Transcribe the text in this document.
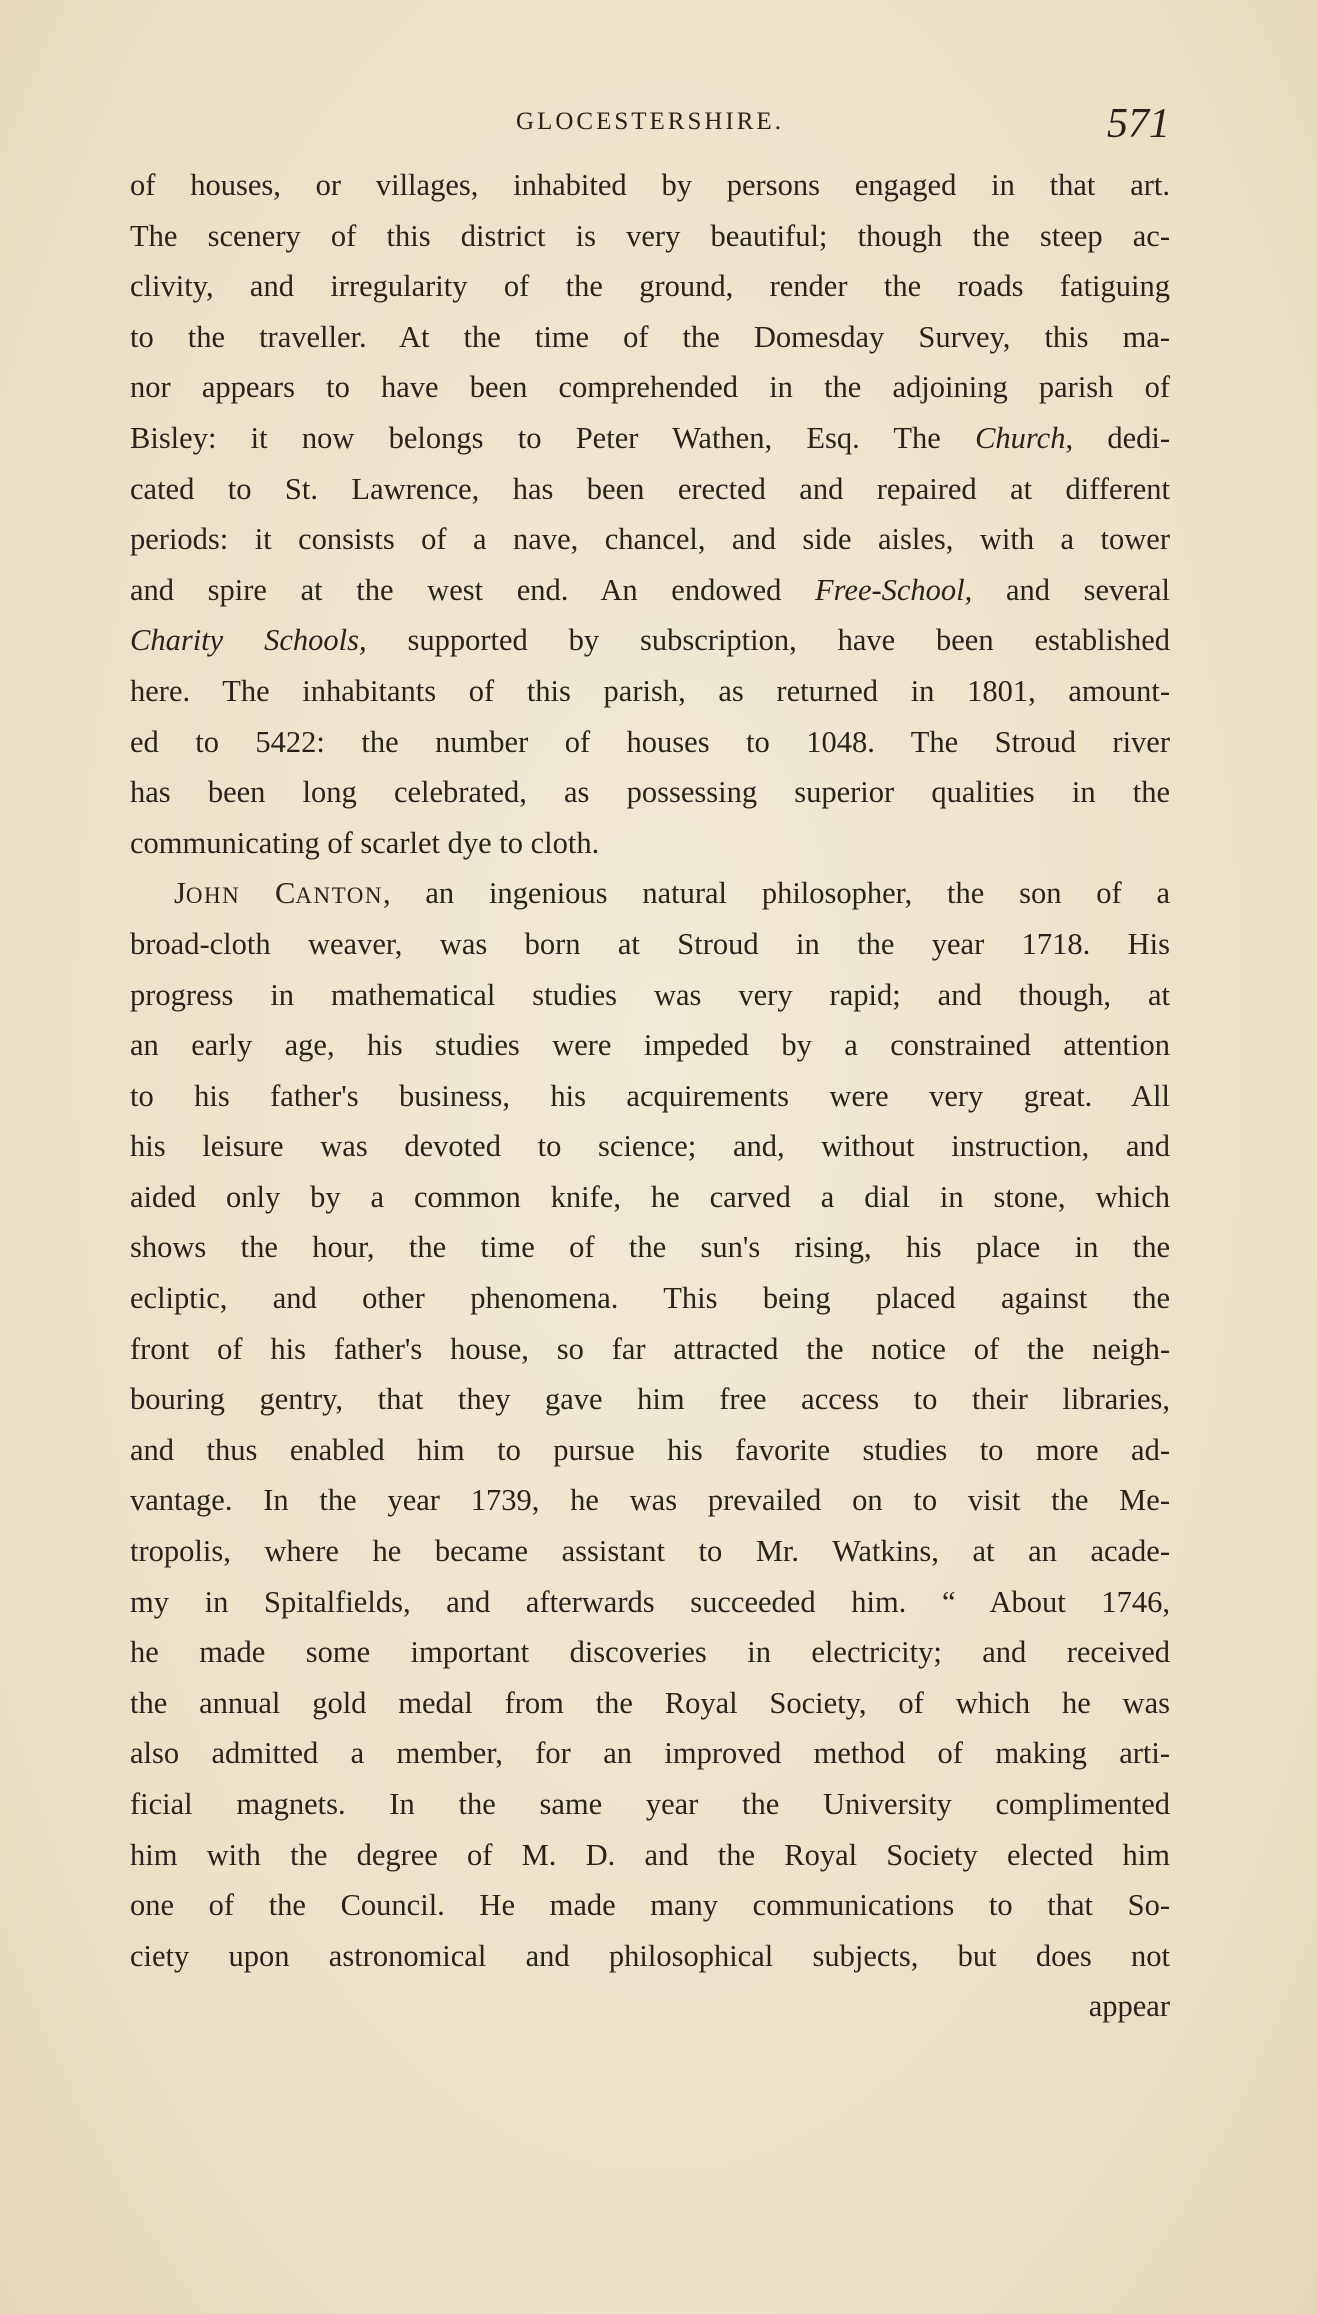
GLOCESTERSHIRE.	571
of houses, or villages, inhabited by persons engaged in that art.
The scenery of this district is very beautiful; though the steep ac-
clivity, and irregularity of the ground, render the roads fatiguing
to the traveller. At the time of the Domesday Survey, this ma-
nor appears to have been comprehended in the adjoining parish of
Bisley: it now belongs to Peter Wathen, Esq. The Church, dedi-
cated to St. Lawrence, has been erected and repaired at different
periods: it consists of a nave, chancel, and side aisles, with a tower
and spire at the west end. An endowed Free-School, and several
Charity Schools, supported by subscription, have been established
here. The inhabitants of this parish, as returned in 1801, amount-
ed to 5422: the number of houses to 1048. The Stroud river
has been long celebrated, as possessing superior qualities in the
communicating of scarlet dye to cloth.
JOHN CANTON, an ingenious natural philosopher, the son of a
broad-cloth weaver, was born at Stroud in the year 1718. His
progress in mathematical studies was very rapid; and though, at
an early age, his studies were impeded by a constrained attention
to his father's business, his acquirements were very great. All
his leisure was devoted to science; and, without instruction, and
aided only by a common knife, he carved a dial in stone, which
shows the hour, the time of the sun's rising, his place in the
ecliptic, and other phenomena. This being placed against the
front of his father's house, so far attracted the notice of the neigh-
bouring gentry, that they gave him free access to their libraries,
and thus enabled him to pursue his favorite studies to more ad-
vantage. In the year 1739, he was prevailed on to visit the Me-
tropolis, where he became assistant to Mr. Watkins, at an acade-
my in Spitalfields, and afterwards succeeded him. “ About 1746,
he made some important discoveries in electricity; and received
the annual gold medal from the Royal Society, of which he was
also admitted a member, for an improved method of making arti-
ficial magnets. In the same year the University complimented
him with the degree of M. D. and the Royal Society elected him
one of the Council. He made many communications to that So-
ciety upon astronomical and philosophical subjects, but does not
appear
